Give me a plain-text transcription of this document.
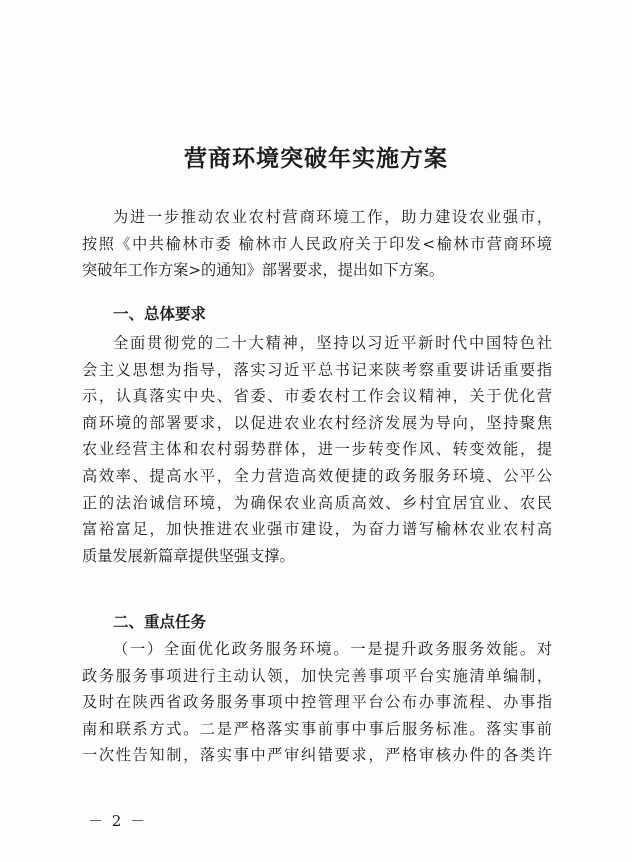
营商环境突破年实施方案
为进一步推动农业农村营商环境工作，助力建设农业强市，
按照《中共榆林市委 榆林市人民政府关于印发<榆林市营商环境
突破年工作方案>的通知》部署要求，提出如下方案。
一、总体要求
全面贯彻党的二十大精神，坚持以习近平新时代中国特色社
会主义思想为指导，落实习近平总书记来陕考察重要讲话重要指
示，认真落实中央、省委、市委农村工作会议精神，关于优化营
商环境的部署要求，以促进农业农村经济发展为导向，坚持聚焦
农业经营主体和农村弱势群体，进一步转变作风、转变效能，提
高效率、提高水平，全力营造高效便捷的政务服务环境、公平公
正的法治诚信环境，为确保农业高质高效、乡村宜居宜业、农民
富裕富足，加快推进农业强市建设，为奋力谱写榆林农业农村高
质量发展新篇章提供坚强支撑。
二、重点任务
（一）全面优化政务服务环境。一是提升政务服务效能。对
政务服务事项进行主动认领，加快完善事项平台实施清单编制，
及时在陕西省政务服务事项中控管理平台公布办事流程、办事指
南和联系方式。二是严格落实事前事中事后服务标准。落实事前
一次性告知制，落实事中严审纠错要求，严格审核办件的各类许
－ 2 －
